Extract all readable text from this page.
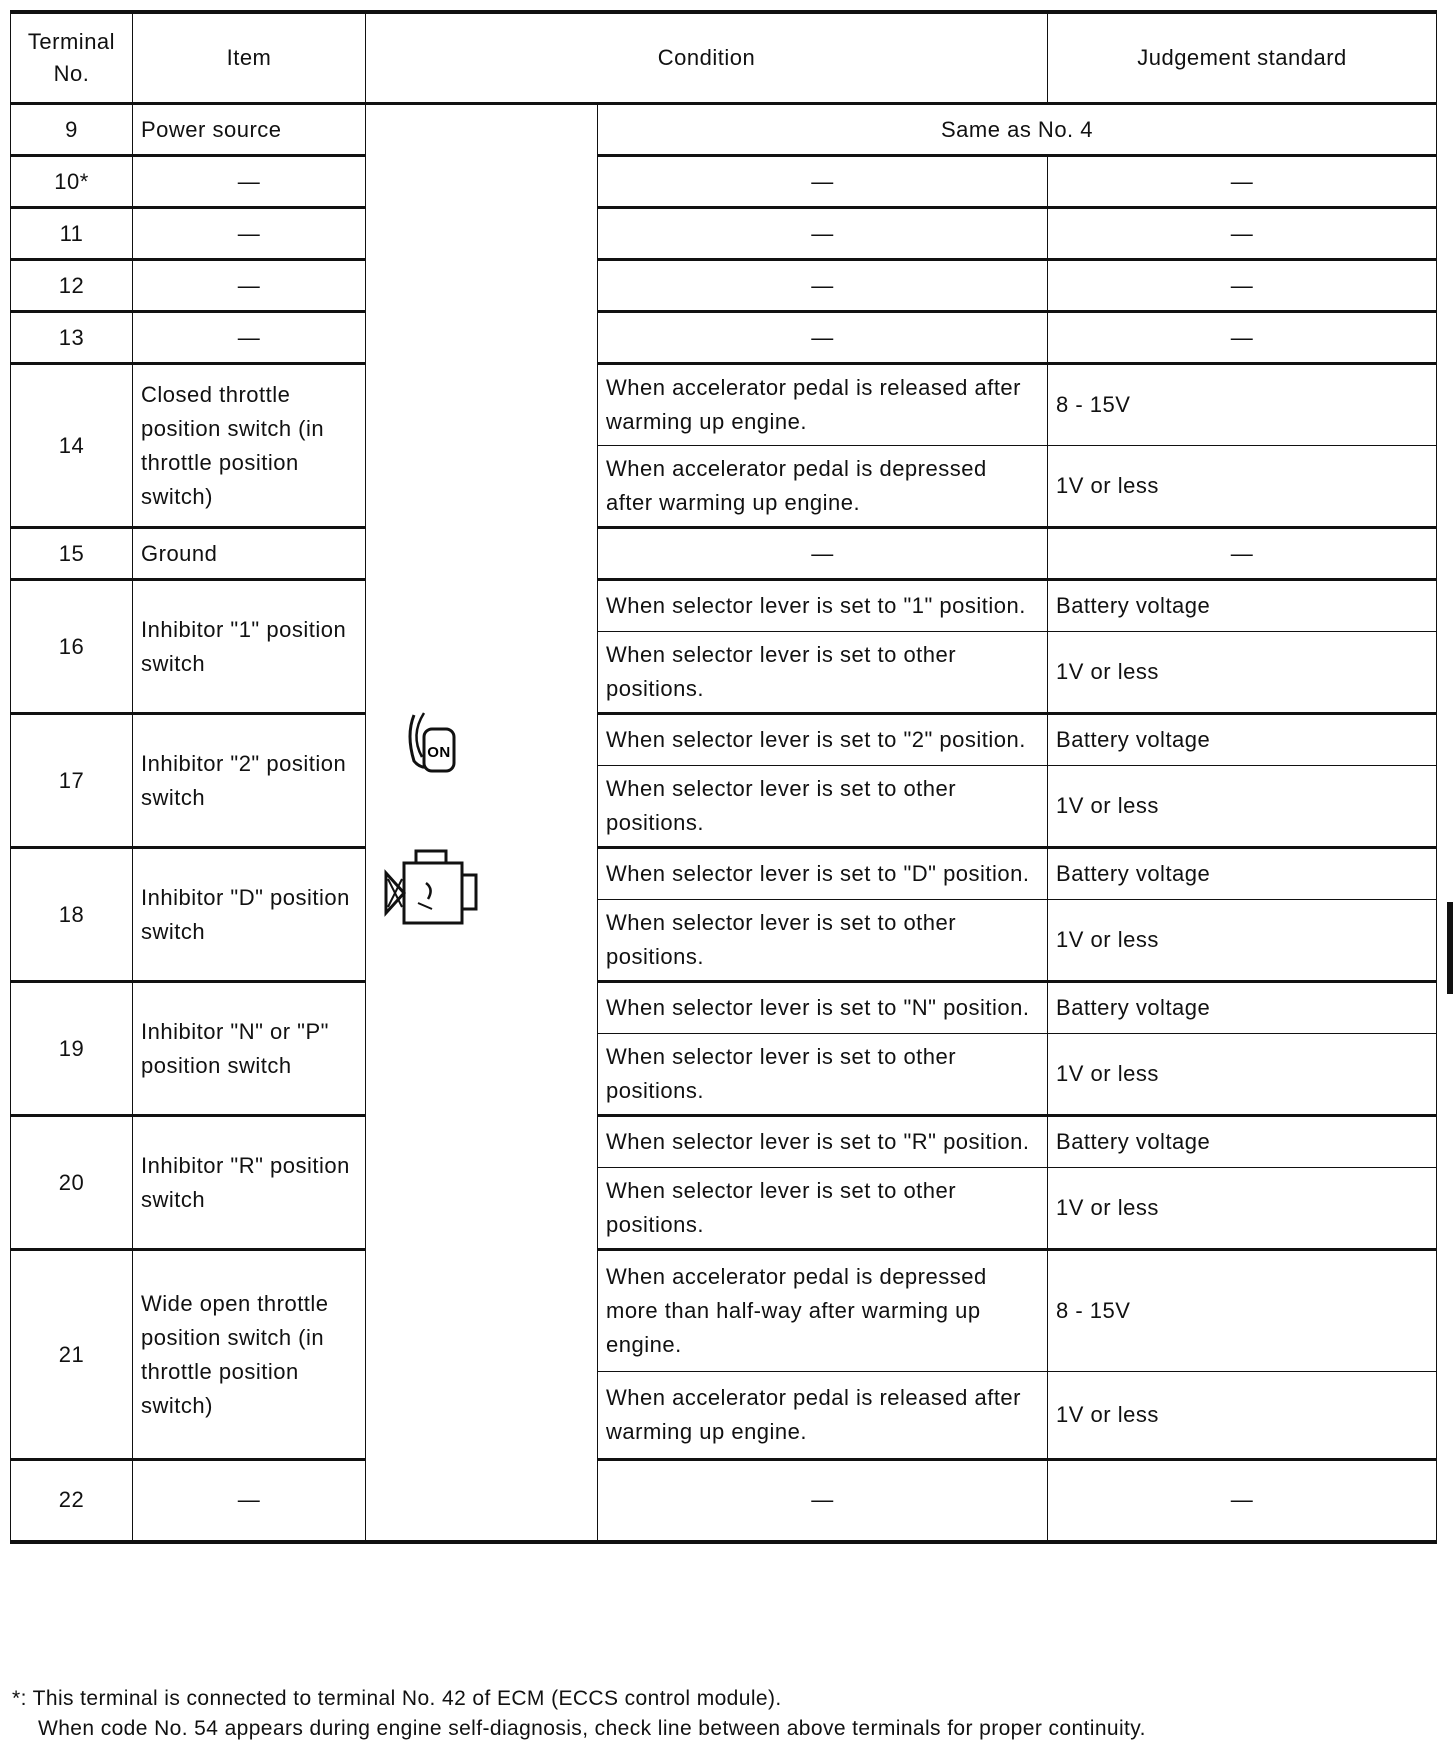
Terminal No.	Item	Condition		Judgement standard
9	Power source	ON	Same as No. 4	
10*	—		—	—
11	—		—	—
12	—		—	—
13	—		—	—
14	Closed throttle position switch (in throttle position switch)		When accelerator pedal is released after warming up engine.	8 - 15V
			When accelerator pedal is depressed after warming up engine.	1V or less
15	Ground		—	—
16	Inhibitor "1" position switch		When selector lever is set to "1" position.	Battery voltage
			When selector lever is set to other positions.	1V or less
17	Inhibitor "2" position switch		When selector lever is set to "2" position.	Battery voltage
			When selector lever is set to other positions.	1V or less
18	Inhibitor "D" position switch		When selector lever is set to "D" position.	Battery voltage
			When selector lever is set to other positions.	1V or less
19	Inhibitor "N" or "P" position switch		When selector lever is set to "N" position.	Battery voltage
			When selector lever is set to other positions.	1V or less
20	Inhibitor "R" position switch		When selector lever is set to "R" position.	Battery voltage
			When selector lever is set to other positions.	1V or less
21	Wide open throttle position switch (in throttle position switch)		When accelerator pedal is depressed more than half-way after warming up engine.	8 - 15V
			When accelerator pedal is released after warming up engine.	1V or less
22	—		—	—
*: This terminal is connected to terminal No. 42 of ECM (ECCS control module).
When code No. 54 appears during engine self-diagnosis, check line between above terminals for proper continuity.
